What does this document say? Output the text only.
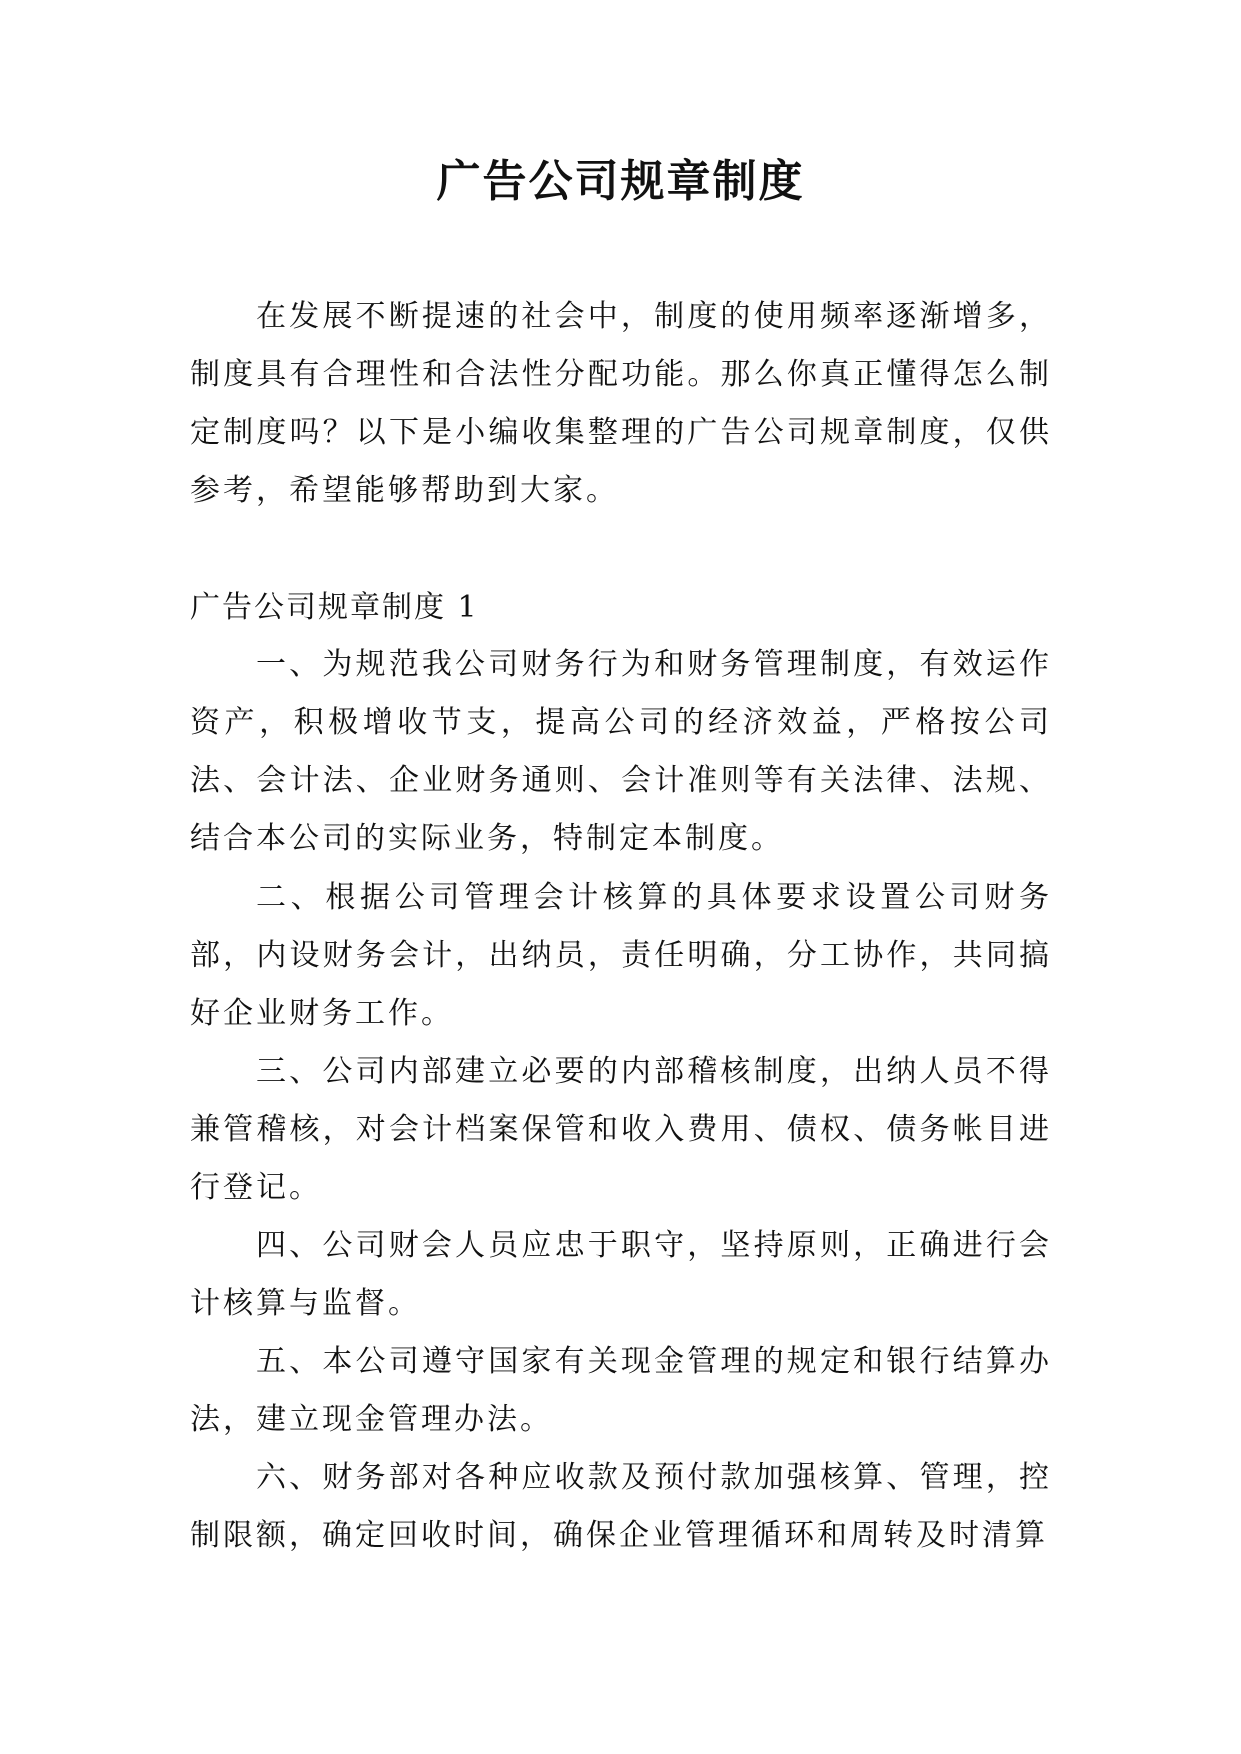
广告公司规章制度

在发展不断提速的社会中，制度的使用频率逐渐增多，制度具有合理性和合法性分配功能。那么你真正懂得怎么制定制度吗？以下是小编收集整理的广告公司规章制度，仅供参考，希望能够帮助到大家。

广告公司规章制度 1

一、为规范我公司财务行为和财务管理制度，有效运作资产，积极增收节支，提高公司的经济效益，严格按公司法、会计法、企业财务通则、会计准则等有关法律、法规、结合本公司的实际业务，特制定本制度。

二、根据公司管理会计核算的具体要求设置公司财务部，内设财务会计，出纳员，责任明确，分工协作，共同搞好企业财务工作。

三、公司内部建立必要的内部稽核制度，出纳人员不得兼管稽核，对会计档案保管和收入费用、债权、债务帐目进行登记。

四、公司财会人员应忠于职守，坚持原则，正确进行会计核算与监督。

五、本公司遵守国家有关现金管理的规定和银行结算办法，建立现金管理办法。

六、财务部对各种应收款及预付款加强核算、管理，控制限额，确定回收时间，确保企业管理循环和周转及时清算
